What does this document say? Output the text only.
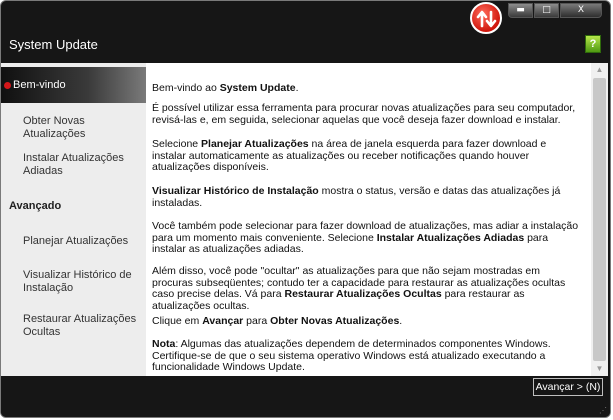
▬	□	X
System Update	?
Bem-vindo
Obter Novas Atualizações
Instalar Atualizações Adiadas
Avançado
Planejar Atualizações
Visualizar Histórico de Instalação
Restaurar Atualizações Ocultas
Bem-vindo ao System Update.
É possível utilizar essa ferramenta para procurar novas atualizações para seu computador, revisá-las e, em seguida, selecionar aquelas que você deseja fazer download e instalar.
Selecione Planejar Atualizações na área de janela esquerda para fazer download e instalar automaticamente as atualizações ou receber notificações quando houver atualizações disponíveis.
Visualizar Histórico de Instalação mostra o status, versão e datas das atualizações já instaladas.
Você também pode selecionar para fazer download de atualizações, mas adiar a instalação para um momento mais conveniente. Selecione Instalar Atualizações Adiadas para instalar as atualizações adiadas.
Além disso, você pode "ocultar" as atualizações para que não sejam mostradas em procuras subseqüentes; contudo ter a capacidade para restaurar as atualizações ocultas caso precise delas. Vá para Restaurar Atualizações Ocultas para restaurar as atualizações ocultas.
Clique em Avançar para Obter Novas Atualizações.
Nota: Algumas das atualizações dependem de determinados componentes Windows. Certifique-se de que o seu sistema operativo Windows está atualizado executando a funcionalidade Windows Update.
▲
▼
Avançar > (N)
⋰
